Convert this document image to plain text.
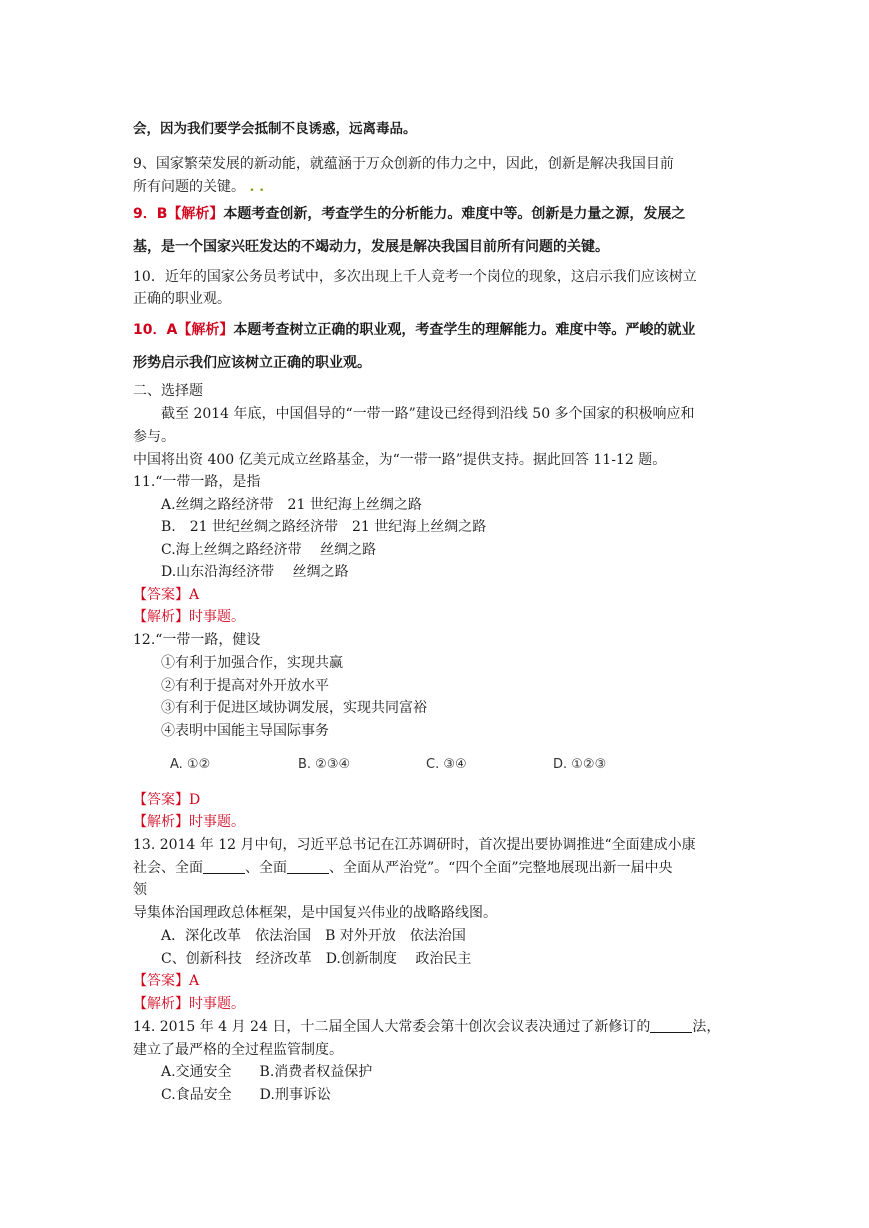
会，因为我们要学会抵制不良诱惑，远离毒品。
9、国家繁荣发展的新动能，就蕴涵于万众创新的伟力之中，因此，创新是解决我国目前
所有问题的关键。 . .
9．B【解析】本题考查创新，考查学生的分析能力。难度中等。创新是力量之源，发展之
基，是一个国家兴旺发达的不竭动力，发展是解决我国目前所有问题的关键。
10．近年的国家公务员考试中，多次出现上千人竞考一个岗位的现象，这启示我们应该树立
正确的职业观。
10．A【解析】本题考查树立正确的职业观，考查学生的理解能力。难度中等。严峻的就业
形势启示我们应该树立正确的职业观。
二、选择题
截至 2014 年底，中国倡导的“一带一路”建设已经得到沿线 50 多个国家的积极响应和
参与。
中国将出资 400 亿美元成立丝路基金，为“一带一路”提供支持。据此回答 11-12 题。
11.“一带一路，是指
A.丝绸之路经济带　21 世纪海上丝绸之路
B.　21 世纪丝绸之路经济带　21 世纪海上丝绸之路
C.海上丝绸之路经济带　 丝绸之路
D.山东沿海经济带　 丝绸之路
【答案】A
【解析】时事题。
12.“一带一路，健设
①有利于加强合作，实现共赢
②有利于提高对外开放水平
③有利于促进区域协调发展，实现共同富裕
④表明中国能主导国际事务
A. ①②	B. ②③④	C. ③④	D. ①②③
【答案】D
【解析】时事题。
13. 2014 年 12 月中旬，习近平总书记在江苏调研时，首次提出要协调推进“全面建成小康
社会、全面	、全面	、全面从严治党”。“四个全面”完整地展现出新一届中央
领
导集体治国理政总体框架，是中国复兴伟业的战略路线图。
A．深化改革　依法治国　B 对外开放　依法治国
C、创新科技　经济改革　D.创新制度　 政治民主
【答案】A
【解析】时事题。
14. 2015 年 4 月 24 日，十二届全国人大常委会第十创次会议表决通过了新修订的	法，
建立了最严格的全过程监管制度。
A.交通安全　　B.消费者权益保护
C.食品安全　　D.刑事诉讼
